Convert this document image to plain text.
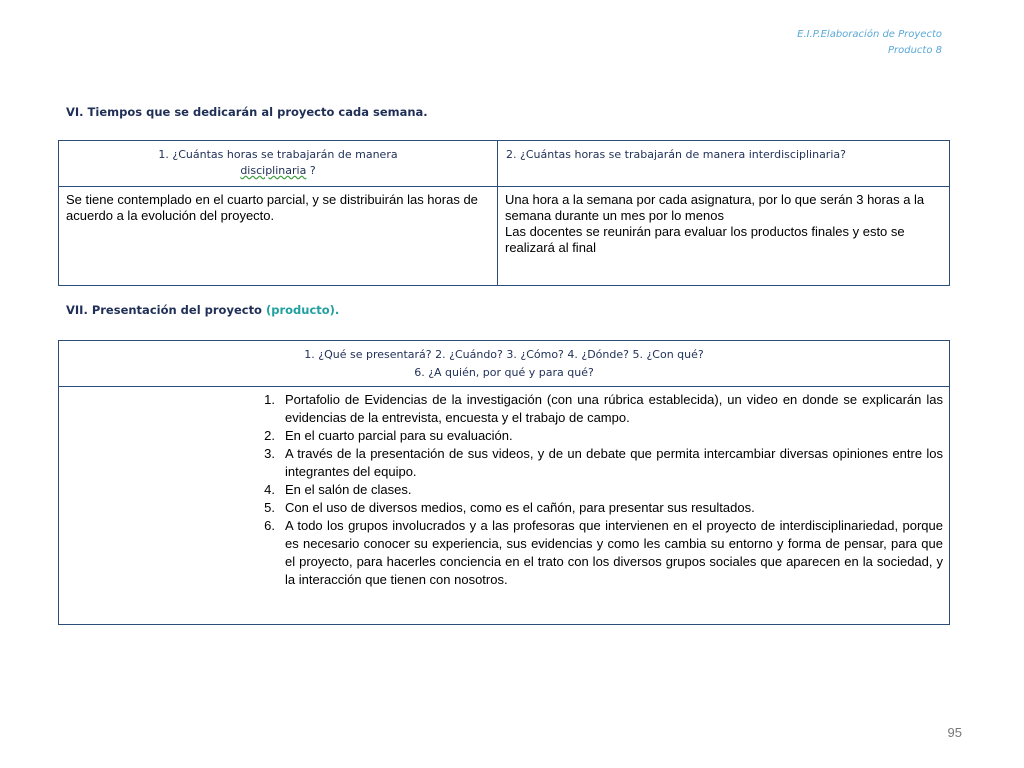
E.I.P.Elaboración de Proyecto
Producto 8
VI. Tiempos que se dedicarán al proyecto cada semana.
1. ¿Cuántas horas se trabajarán de manera
disciplinaria ?	2. ¿Cuántas horas se trabajarán de manera interdisciplinaria?
Se tiene contemplado en el cuarto parcial, y se distribuirán las horas de acuerdo a la evolución del proyecto.	Una hora a la semana por cada asignatura, por lo que serán 3 horas a la semana durante un mes por lo menos
Las docentes se reunirán para evaluar los productos finales y esto se realizará al final
VII. Presentación del proyecto (producto).
1. ¿Qué se presentará? 2. ¿Cuándo? 3. ¿Cómo? 4. ¿Dónde? 5. ¿Con qué?
6. ¿A quién, por qué y para qué?

1. Portafolio de Evidencias de la investigación (con una rúbrica establecida), un video en donde se explicarán las evidencias de la entrevista, encuesta y el trabajo de campo.
2. En el cuarto parcial para su evaluación.
3. A través de la presentación de sus videos, y de un debate que permita intercambiar diversas opiniones entre los integrantes del equipo.
4. En el salón de clases.
5. Con el uso de diversos medios, como es el cañón, para presentar sus resultados.
6. A todo los grupos involucrados y a las profesoras que intervienen en el proyecto de interdisciplinariedad, porque es necesario conocer su experiencia, sus evidencias y como les cambia su entorno y forma de pensar, para que el proyecto, para hacerles conciencia en el trato con los diversos grupos sociales que aparecen en la sociedad, y la interacción que tienen con nosotros.
95
